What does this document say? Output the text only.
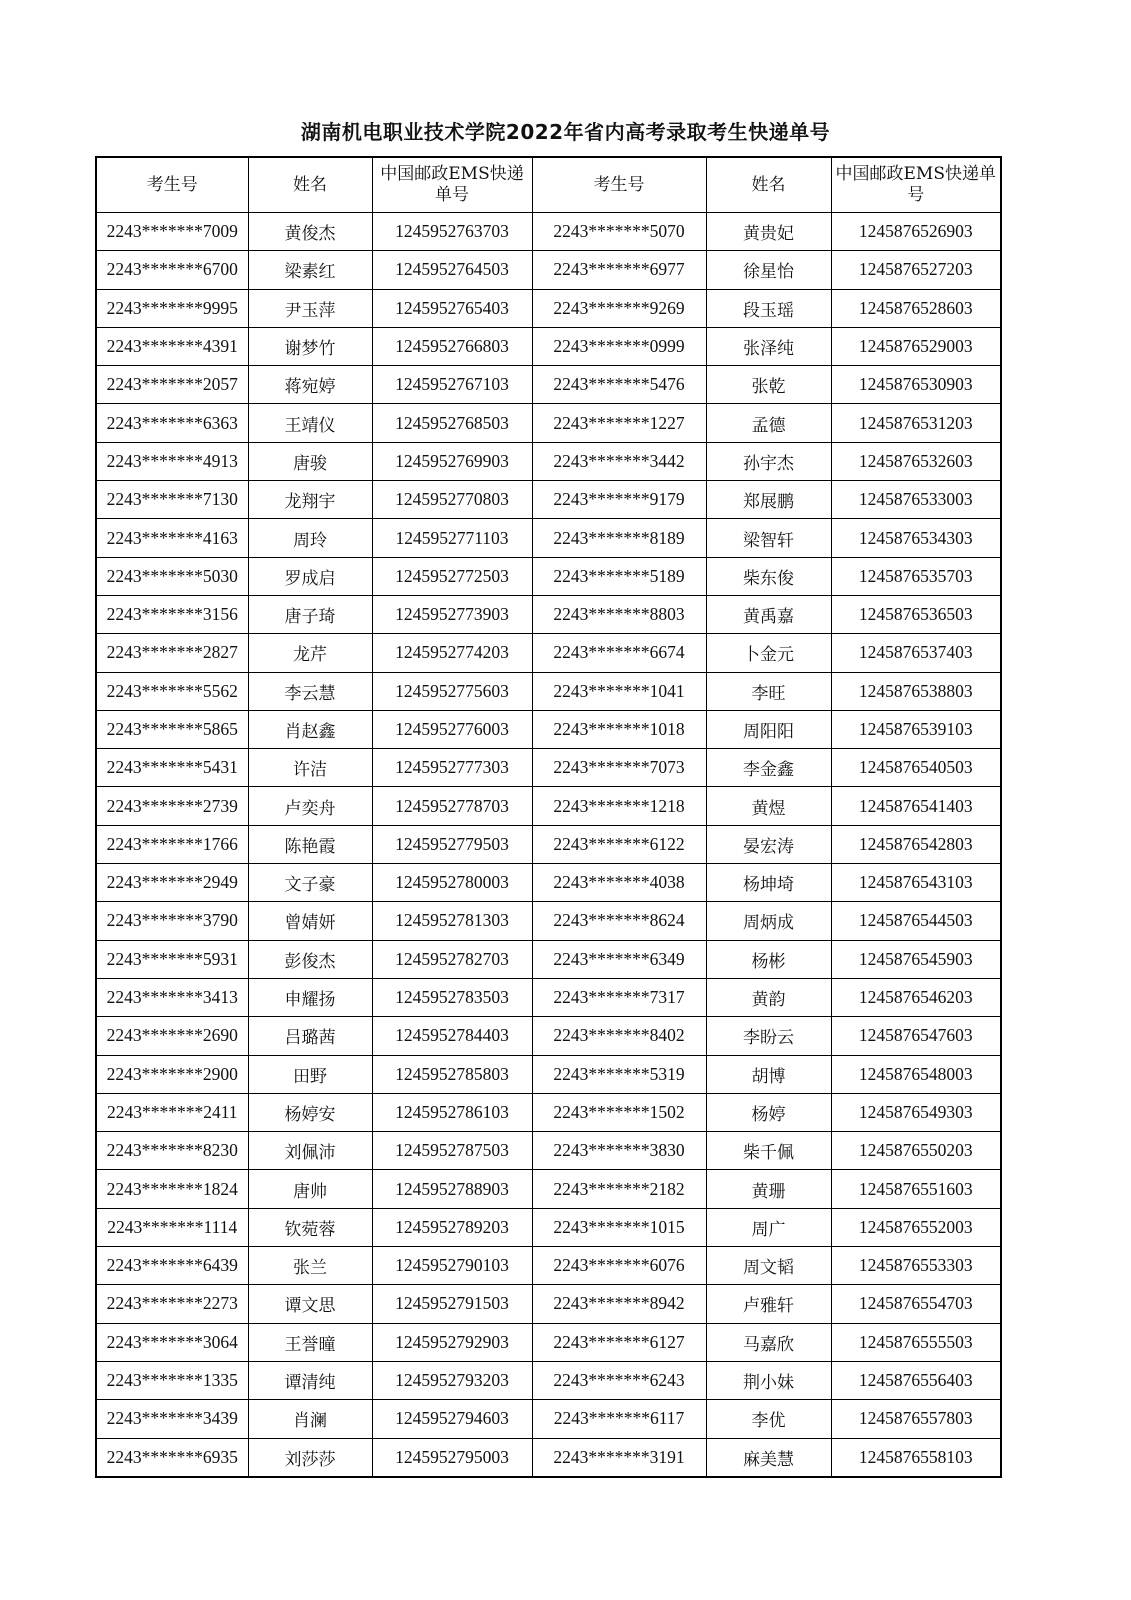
湖南机电职业技术学院2022年省内高考录取考生快递单号
考生号	姓名	中国邮政EMS快递单号	考生号	姓名	中国邮政EMS快递单号
2243*******7009	黄俊杰	1245952763703	2243*******5070	黄贵妃	1245876526903
2243*******6700	梁素红	1245952764503	2243*******6977	徐星怡	1245876527203
2243*******9995	尹玉萍	1245952765403	2243*******9269	段玉瑶	1245876528603
2243*******4391	谢梦竹	1245952766803	2243*******0999	张泽纯	1245876529003
2243*******2057	蒋宛婷	1245952767103	2243*******5476	张乾	1245876530903
2243*******6363	王靖仪	1245952768503	2243*******1227	孟德	1245876531203
2243*******4913	唐骏	1245952769903	2243*******3442	孙宇杰	1245876532603
2243*******7130	龙翔宇	1245952770803	2243*******9179	郑展鹏	1245876533003
2243*******4163	周玲	1245952771103	2243*******8189	梁智轩	1245876534303
2243*******5030	罗成启	1245952772503	2243*******5189	柴东俊	1245876535703
2243*******3156	唐子琦	1245952773903	2243*******8803	黄禹嘉	1245876536503
2243*******2827	龙芹	1245952774203	2243*******6674	卜金元	1245876537403
2243*******5562	李云慧	1245952775603	2243*******1041	李旺	1245876538803
2243*******5865	肖赵鑫	1245952776003	2243*******1018	周阳阳	1245876539103
2243*******5431	许洁	1245952777303	2243*******7073	李金鑫	1245876540503
2243*******2739	卢奕舟	1245952778703	2243*******1218	黄煜	1245876541403
2243*******1766	陈艳霞	1245952779503	2243*******6122	晏宏涛	1245876542803
2243*******2949	文子豪	1245952780003	2243*******4038	杨坤埼	1245876543103
2243*******3790	曾婧妍	1245952781303	2243*******8624	周炳成	1245876544503
2243*******5931	彭俊杰	1245952782703	2243*******6349	杨彬	1245876545903
2243*******3413	申耀扬	1245952783503	2243*******7317	黄韵	1245876546203
2243*******2690	吕璐茜	1245952784403	2243*******8402	李盼云	1245876547603
2243*******2900	田野	1245952785803	2243*******5319	胡博	1245876548003
2243*******2411	杨婷安	1245952786103	2243*******1502	杨婷	1245876549303
2243*******8230	刘佩沛	1245952787503	2243*******3830	柴千佩	1245876550203
2243*******1824	唐帅	1245952788903	2243*******2182	黄珊	1245876551603
2243*******1114	钦菀蓉	1245952789203	2243*******1015	周广	1245876552003
2243*******6439	张兰	1245952790103	2243*******6076	周文韬	1245876553303
2243*******2273	谭文思	1245952791503	2243*******8942	卢雅轩	1245876554703
2243*******3064	王誉曈	1245952792903	2243*******6127	马嘉欣	1245876555503
2243*******1335	谭清纯	1245952793203	2243*******6243	荆小妹	1245876556403
2243*******3439	肖澜	1245952794603	2243*******6117	李优	1245876557803
2243*******6935	刘莎莎	1245952795003	2243*******3191	麻美慧	1245876558103
